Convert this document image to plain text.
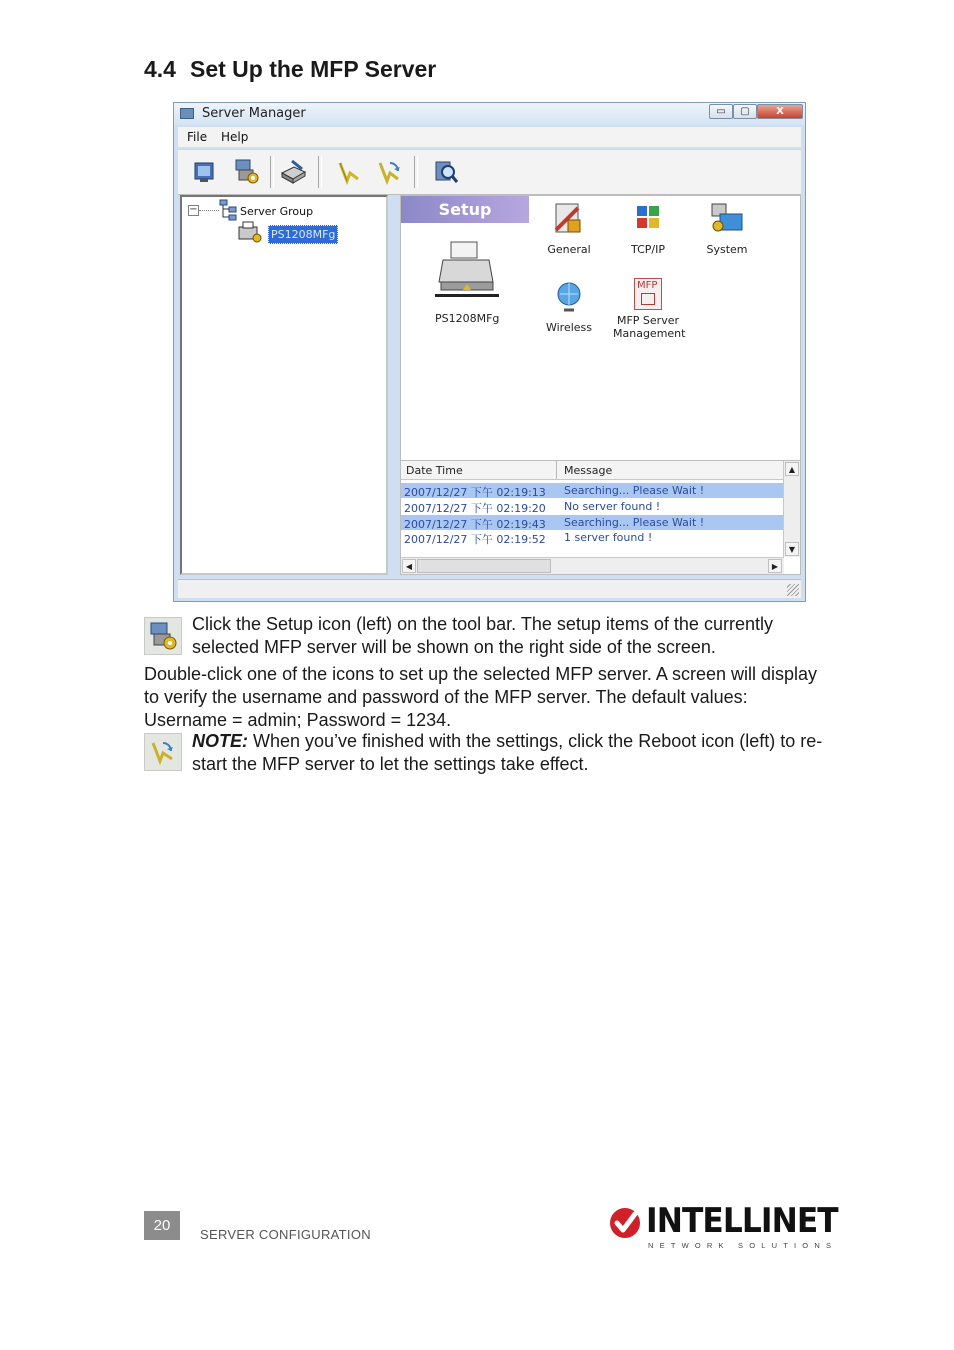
4.4 Set Up the MFP Server
Server Manager	▭	▢	X
File Help
−	Server Group
PS1208MFg
Setup
PS1208MFg
General	TCP/IP	System
Wireless
MFP
MFP Server Management
Date Time	Message
2007/12/27 下午 02:19:13 Searching... Please Wait !
2007/12/27 下午 02:19:20 No server found !
2007/12/27 下午 02:19:43 Searching... Please Wait !
2007/12/27 下午 02:19:52 1 server found !
▲
▼
◀	▶

Click the Setup icon (left) on the tool bar. The setup items of the currently selected MFP server will be shown on the right side of the screen.

Double-click one of the icons to set up the selected MFP server. A screen will display to verify the username and password of the MFP server. The default values: Username = admin; Password = 1234.

NOTE: When you’ve finished with the settings, click the Reboot icon (left) to re-start the MFP server to let the settings take effect.

20
SERVER CONFIGURATION	INTELLINET
NETWORK SOLUTIONS
